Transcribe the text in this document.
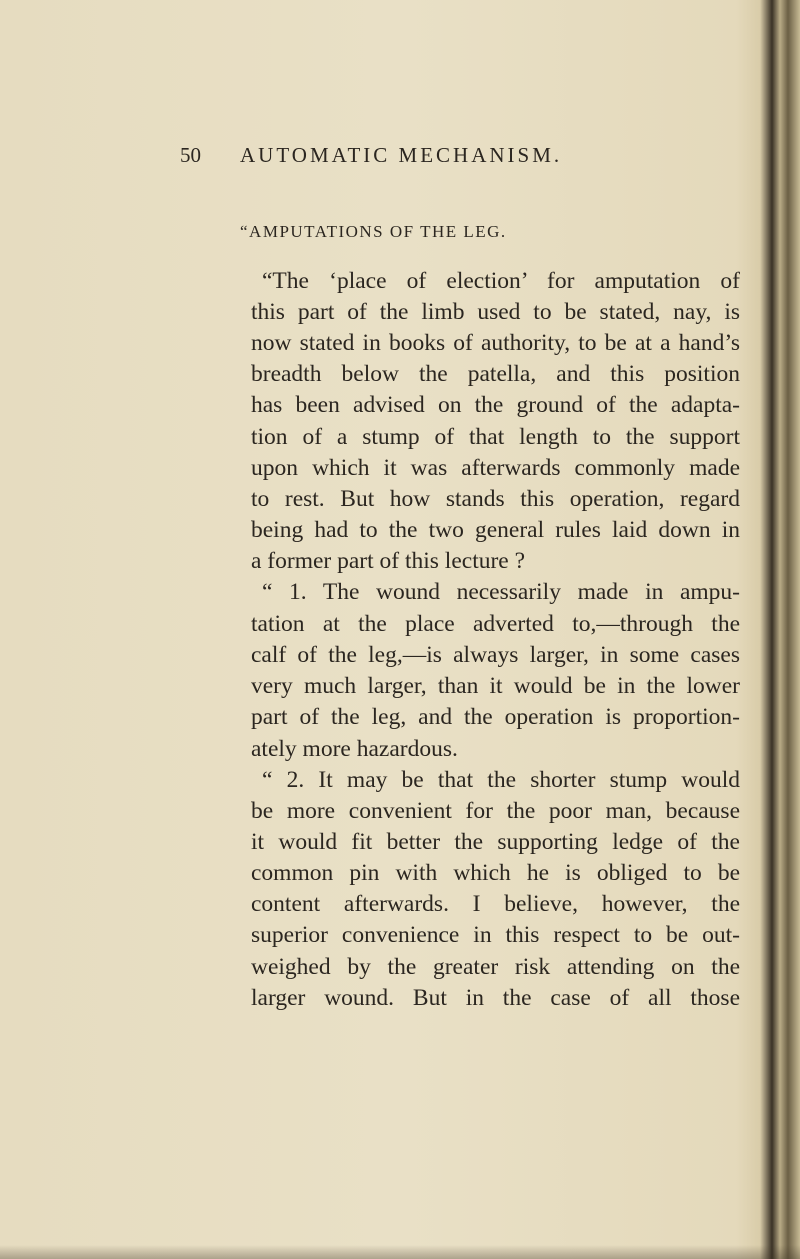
50 AUTOMATIC MECHANISM.
“AMPUTATIONS OF THE LEG.
“The ‘place of election’ for amputation of
this part of the limb used to be stated, nay, is
now stated in books of authority, to be at a hand’s
breadth below the patella, and this position
has been advised on the ground of the adapta-
tion of a stump of that length to the support
upon which it was afterwards commonly made
to rest. But how stands this operation, regard
being had to the two general rules laid down in
a former part of this lecture ?
“ 1. The wound necessarily made in ampu-
tation at the place adverted to,—through the
calf of the leg,—is always larger, in some cases
very much larger, than it would be in the lower
part of the leg, and the operation is proportion-
ately more hazardous.
“ 2. It may be that the shorter stump would
be more convenient for the poor man, because
it would fit better the supporting ledge of the
common pin with which he is obliged to be
content afterwards. I believe, however, the
superior convenience in this respect to be out-
weighed by the greater risk attending on the
larger wound. But in the case of all those
